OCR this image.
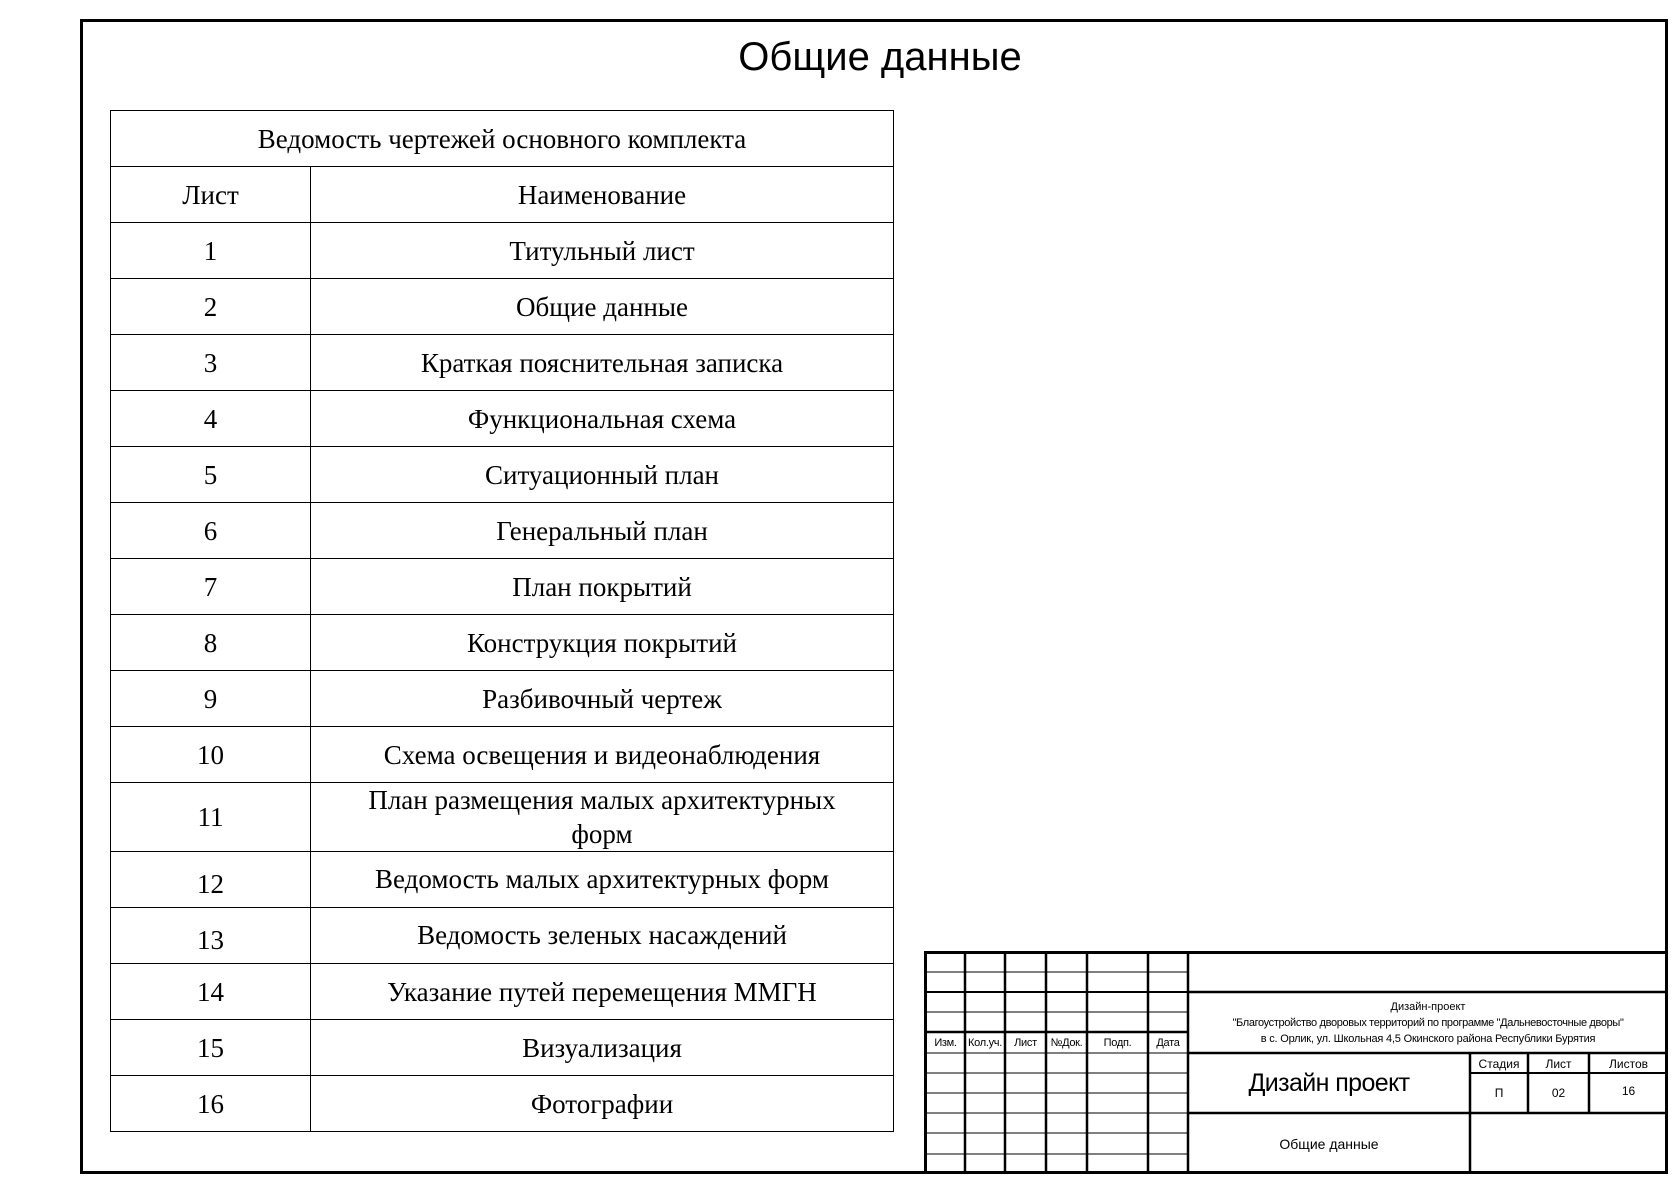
Общие данные
Ведомость чертежей основного комплекта	
Лист	Наименование
1	Титульный лист
2	Общие данные
3	Краткая пояснительная записка
4	Функциональная схема
5	Ситуационный план
6	Генеральный план
7	План покрытий
8	Конструкция покрытий
9	Разбивочный чертеж
10	Схема освещения и видеонаблюдения
11	План размещения малых архитектурных
форм

12	Ведомость малых архитектурных форм
13	Ведомость зеленых насаждений
14	Указание путей перемещения ММГН
15	Визуализация
16	Фотографии
Изм.	Кол.уч.	Лист	№Док.	Подп.	Дата
Дизайн-проект
"Благоустройство дворовых территорий по программе "Дальневосточные дворы"
в с. Орлик, ул. Школьная 4,5 Окинского района Республики Бурятия
Дизайн проект
Общие данные
Стадия	Лист	Листов
П	02	16
